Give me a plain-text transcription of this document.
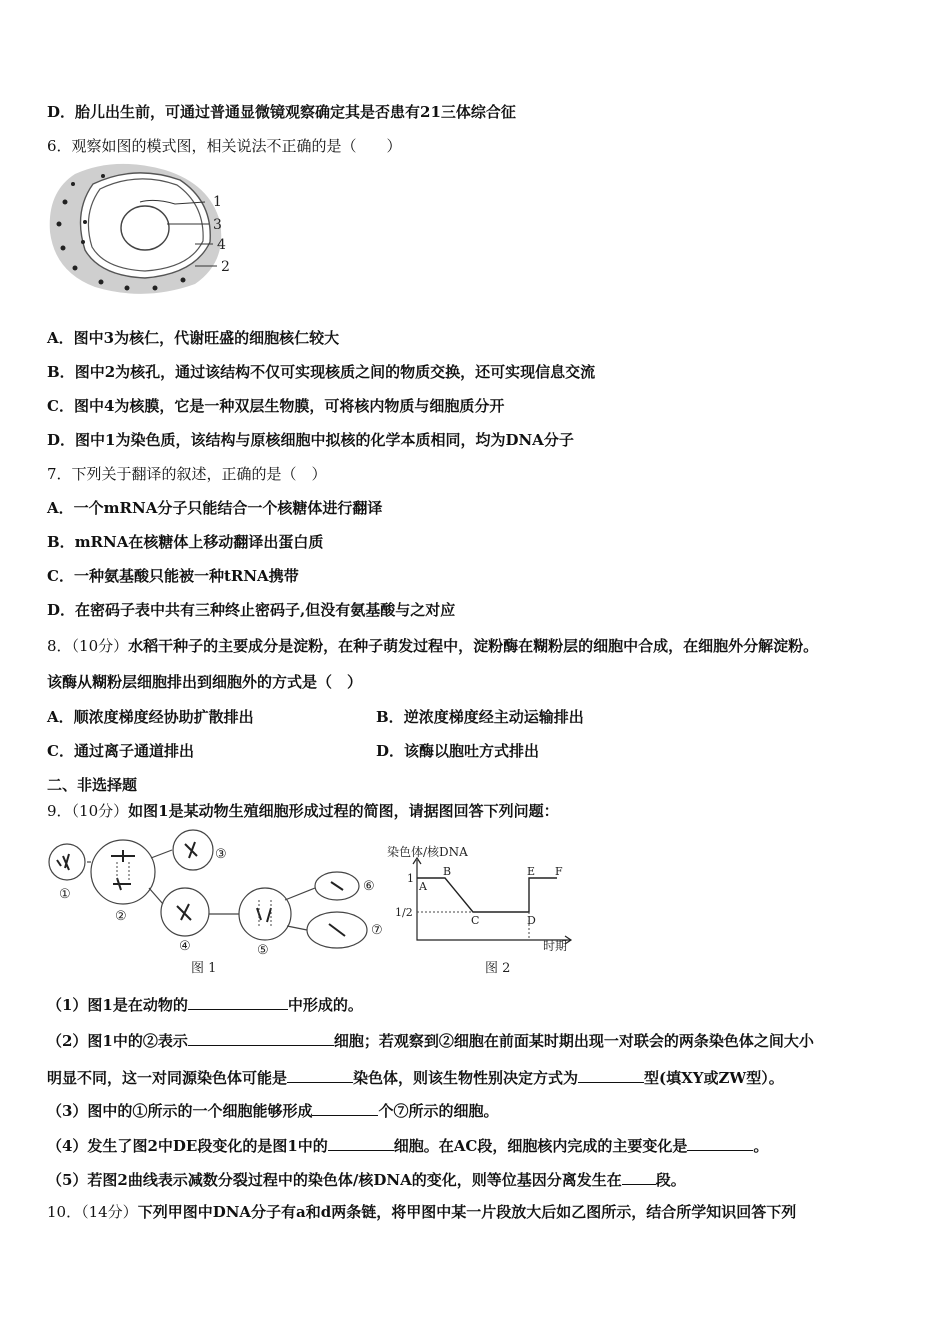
D．胎儿出生前，可通过普通显微镜观察确定其是否患有21三体综合征
6．观察如图的模式图，相关说法不正确的是（　　）
1
3
4
2
A．图中3为核仁，代谢旺盛的细胞核仁较大
B．图中2为核孔，通过该结构不仅可实现核质之间的物质交换，还可实现信息交流
C．图中4为核膜，它是一种双层生物膜，可将核内物质与细胞质分开
D．图中1为染色质，该结构与原核细胞中拟核的化学本质相同，均为DNA分子
7．下列关于翻译的叙述，正确的是（　）
A．一个mRNA分子只能结合一个核糖体进行翻译
B．mRNA在核糖体上移动翻译出蛋白质
C．一种氨基酸只能被一种tRNA携带
D．在密码子表中共有三种终止密码子,但没有氨基酸与之对应
8．（10分）水稻干种子的主要成分是淀粉，在种子萌发过程中，淀粉酶在糊粉层的细胞中合成，在细胞外分解淀粉。
该酶从糊粉层细胞排出到细胞外的方式是（　）
A．顺浓度梯度经协助扩散排出	B．逆浓度梯度经主动运输排出
C．通过离子通道排出	D．该酶以胞吐方式排出
二、非选择题
9．（10分）如图1是某动物生殖细胞形成过程的简图，请据图回答下列问题：
①
②
③
④	⑤
⑥
⑦
图 1
染色体/核DNA
时期
图 2
1
1/2
A
B
C	D
E F
（1）图1是在动物的	中形成的。
（2）图1中的②表示	细胞；若观察到②细胞在前面某时期出现一对联会的两条染色体之间大小
明显不同，这一对同源染色体可能是	染色体，则该生物性别决定方式为	型(填XY或ZW型）。
（3）图中的①所示的一个细胞能够形成	个⑦所示的细胞。
（4）发生了图2中DE段变化的是图1中的	细胞。在AC段，细胞核内完成的主要变化是	。
（5）若图2曲线表示减数分裂过程中的染色体/核DNA的变化，则等位基因分离发生在 段。
10．（14分）下列甲图中DNA分子有a和d两条链，将甲图中某一片段放大后如乙图所示，结合所学知识回答下列
